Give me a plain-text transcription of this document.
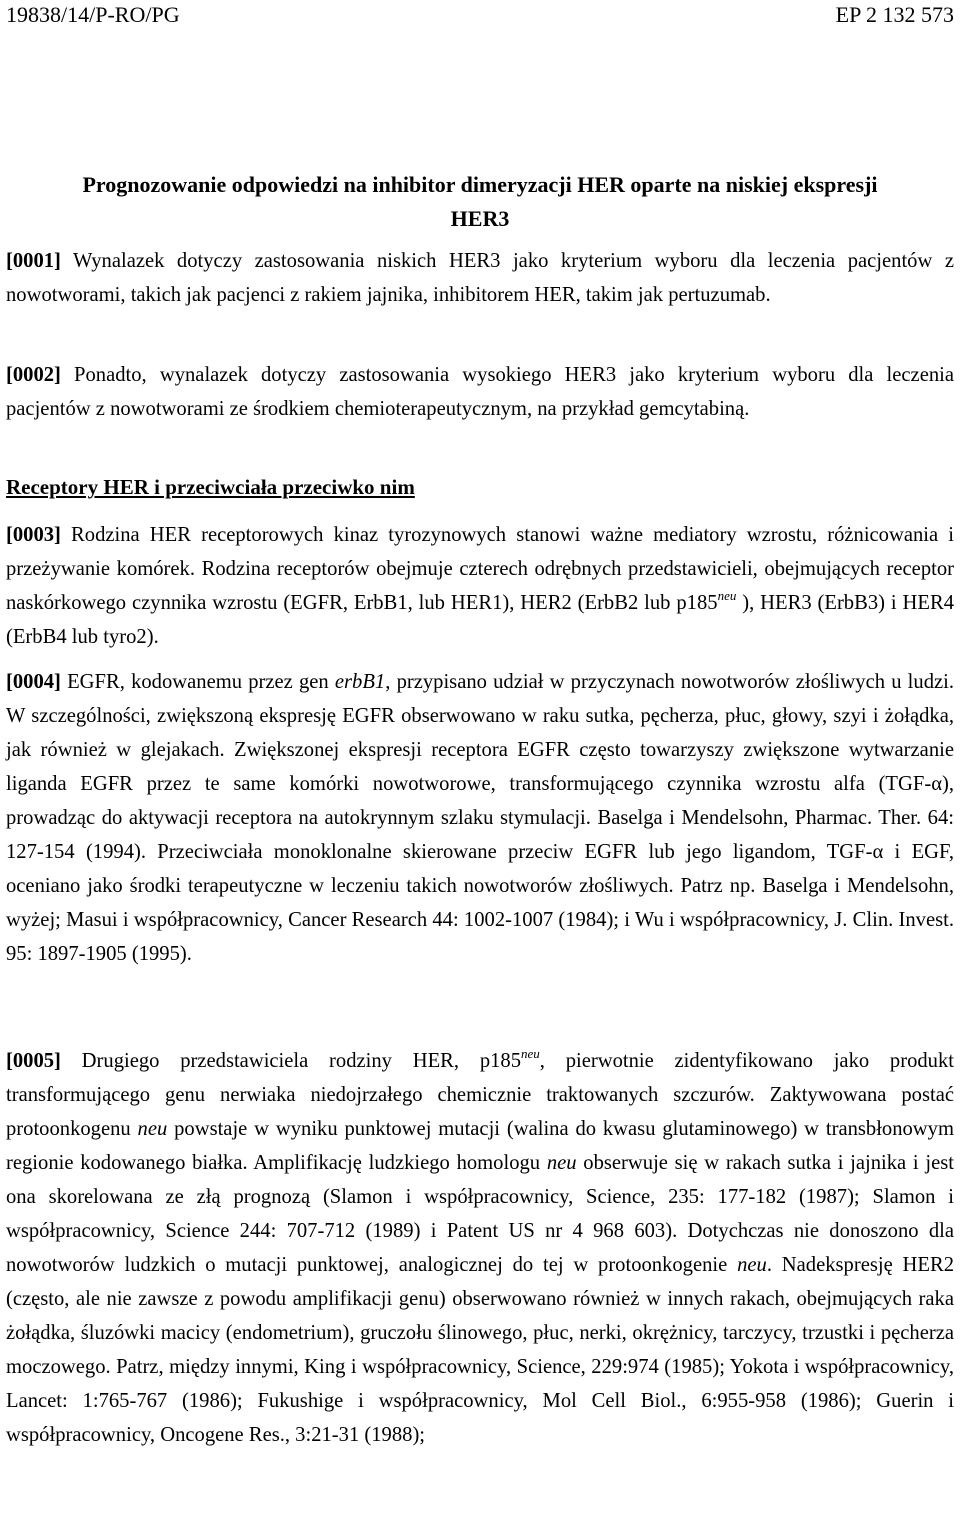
19838/14/P-RO/PG	EP 2 132 573
Prognozowanie odpowiedzi na inhibitor dimeryzacji HER oparte na niskiej ekspresji
HER3
[0001] Wynalazek dotyczy zastosowania niskich HER3 jako kryterium wyboru dla leczenia pacjentów z nowotworami, takich jak pacjenci z rakiem jajnika, inhibitorem HER, takim jak pertuzumab.
[0002] Ponadto, wynalazek dotyczy zastosowania wysokiego HER3 jako kryterium wyboru dla leczenia pacjentów z nowotworami ze środkiem chemioterapeutycznym, na przykład gemcytabiną.
Receptory HER i przeciwciała przeciwko nim
[0003] Rodzina HER receptorowych kinaz tyrozynowych stanowi ważne mediatory wzrostu, różnicowania i przeżywanie komórek. Rodzina receptorów obejmuje czterech odrębnych przedstawicieli, obejmujących receptor naskórkowego czynnika wzrostu (EGFR, ErbB1, lub HER1), HER2 (ErbB2 lub $p185^{neu}$ ), HER3 (ErbB3) i HER4 (ErbB4 lub tyro2).
[0004] EGFR, kodowanemu przez gen erbB1, przypisano udział w przyczynach nowotworów złośliwych u ludzi. W szczególności, zwiększoną ekspresję EGFR obserwowano w raku sutka, pęcherza, płuc, głowy, szyi i żołądka, jak również w glejakach. Zwiększonej ekspresji receptora EGFR często towarzyszy zwiększone wytwarzanie liganda EGFR przez te same komórki nowotworowe, transformującego czynnika wzrostu alfa (TGF-α), prowadząc do aktywacji receptora na autokrynnym szlaku stymulacji. Baselga i Mendelsohn, Pharmac. Ther. 64: 127-154 (1994). Przeciwciała monoklonalne skierowane przeciw EGFR lub jego ligandom, TGF-α i EGF, oceniano jako środki terapeutyczne w leczeniu takich nowotworów złośliwych. Patrz np. Baselga i Mendelsohn, wyżej; Masui i współpracownicy, Cancer Research 44: 1002-1007 (1984); i Wu i współpracownicy, J. Clin. Invest. 95: 1897-1905 (1995).
[0005] Drugiego przedstawiciela rodziny HER, $p185^{neu}$, pierwotnie zidentyfikowano jako produkt transformującego genu nerwiaka niedojrzałego chemicznie traktowanych szczurów. Zaktywowana postać protoonkogenu neu powstaje w wyniku punktowej mutacji (walina do kwasu glutaminowego) w transbłonowym regionie kodowanego białka. Amplifikację ludzkiego homologu neu obserwuje się w rakach sutka i jajnika i jest ona skorelowana ze złą prognozą (Slamon i współpracownicy, Science, 235: 177-182 (1987); Slamon i współpracownicy, Science 244: 707-712 (1989) i Patent US nr 4 968 603). Dotychczas nie donoszono dla nowotworów ludzkich o mutacji punktowej, analogicznej do tej w protoonkogenie neu. Nadekspresję HER2 (często, ale nie zawsze z powodu amplifikacji genu) obserwowano również w innych rakach, obejmujących raka żołądka, śluzówki macicy (endometrium), gruczołu ślinowego, płuc, nerki, okrężnicy, tarczycy, trzustki i pęcherza moczowego. Patrz, między innymi, King i współpracownicy, Science, 229:974 (1985); Yokota i współpracownicy, Lancet: 1:765-767 (1986); Fukushige i współpracownicy, Mol Cell Biol., 6:955-958 (1986); Guerin i współpracownicy, Oncogene Res., 3:21-31 (1988);
